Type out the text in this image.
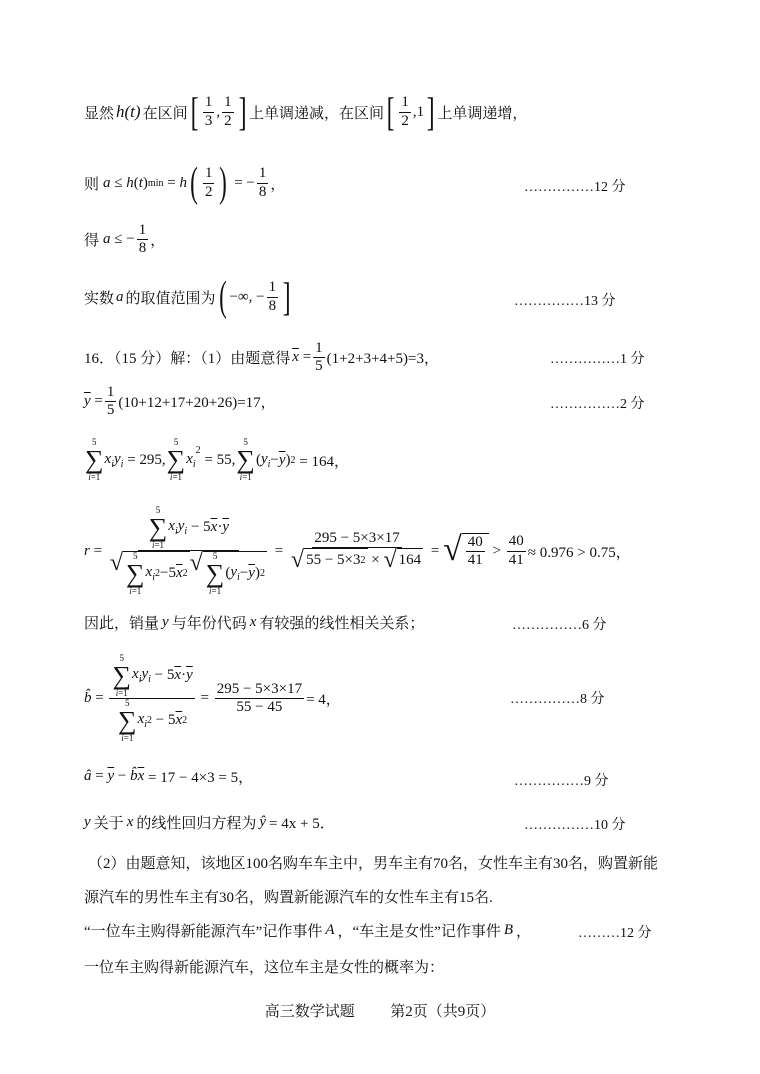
显然 h(t) 在区间 [ $\frac{1}{3}$ , $\frac{1}{2}$ ] 上单调递减，在区间 [ $\frac{1}{2} ,1$ ] 上单调递增，
则 a ≤ h ( t ) min = h ( $\frac{1}{2}$ ) = − $\frac{1}{8}$ ，	……………12 分
得 a ≤ − $\frac{1}{8}$ ，
实数 a 的取值范围为 ( −∞, − $\frac{1}{8}$ ]	……………13 分
16．（15 分）解：（1）由题意得 $\overline{x} = \frac{1}{5} (1+2+3+4+5)=3$，	……………1 分
$\overline{y} = \frac{1}{5} (10+12+17+20+26)=17$，	……………2 分
5
∑
i=1
$x_iy_i = 295$,
5
∑
i=1
$x_i$
$^2$
= 55,
5
∑
i=1
( $y_i - \overline{y}$ ) 2 = 164，
r =
5
∑
i=1
$x_iy_i - 5$ $\overline{x} \cdot \overline{y}$
√ 5
∑
i=1
$x_i$ 2 −5 $\overline{x}$ 2 √ 5
∑
i=1
( $y_i - \overline{y}$ ) 2
= $\frac{295 - 5\times 3\times 17}{√ 55 - 5\times 3 2 \times √ 164}$ = √ $\frac{40}{41} > \frac{40}{41} \approx 0.976 > 0.75$，
因此，销量 y 与年份代码 x 有较强的线性相关关系；	……………6 分
b̂ = 5
∑
i=1
$x_iy_i - 5$ $\overline{x} \cdot \overline{y}$
5
∑
i=1
$x_i$ 2 − 5 $\overline{x}$ $2 = \frac{295 - 5\times 3\times 17}{55 - 45} = 4$，	……………8 分
â = $\overline{y}$ − b̂ $\overline{x}$
= 17 − 4×3 = 5，	……………9 分
y 关于 x 的线性回归方程为 ŷ = 4x + 5．	……………10 分
（2）由题意知，该地区100名购车车主中，男车主有70名，女性车主有30名，购置新能
源汽车的男性车主有30名，购置新能源汽车的女性车主有15名.
“一位车主购得新能源汽车”记作事件 A ，“车主是女性”记作事件 B ，	………12 分
一位车主购得新能源汽车，这位车主是女性的概率为：
高三数学试题 第2页（共9页）
